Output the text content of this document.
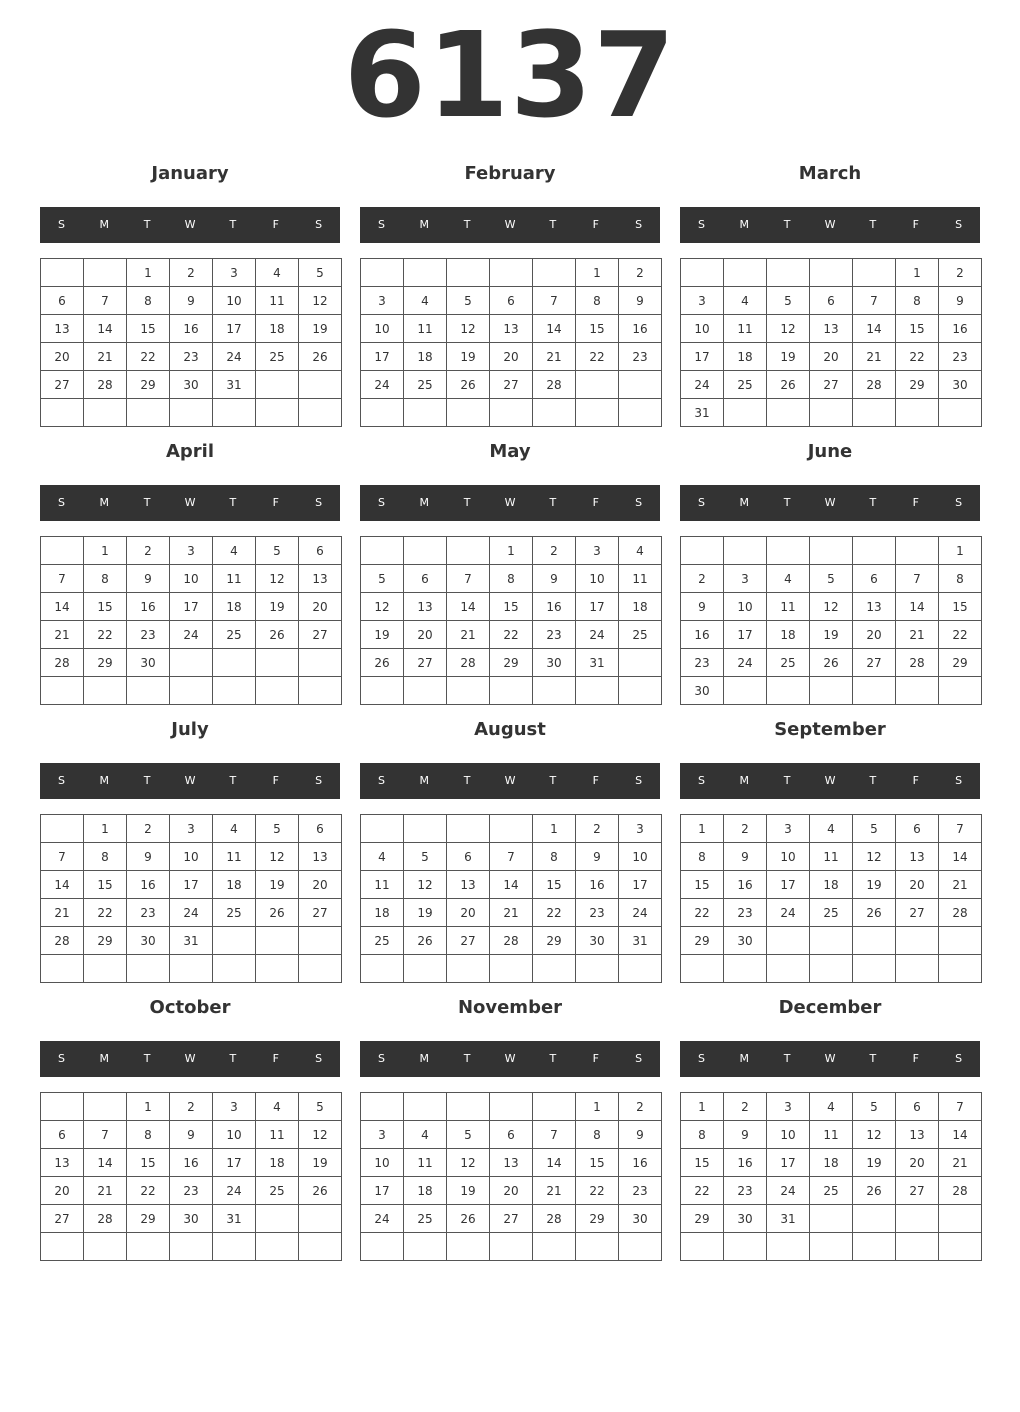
6137
January
S	M	T	W	T	F	S
		1	2	3	4	5
6	7	8	9	10	11	12
13	14	15	16	17	18	19
20	21	22	23	24	25	26
27	28	29	30	31		

February
S	M	T	W	T	F	S
					1	2
3	4	5	6	7	8	9
10	11	12	13	14	15	16
17	18	19	20	21	22	23
24	25	26	27	28		

March
S	M	T	W	T	F	S
					1	2
3	4	5	6	7	8	9
10	11	12	13	14	15	16
17	18	19	20	21	22	23
24	25	26	27	28	29	30
31						
April
S	M	T	W	T	F	S
	1	2	3	4	5	6
7	8	9	10	11	12	13
14	15	16	17	18	19	20
21	22	23	24	25	26	27
28	29	30				

May
S	M	T	W	T	F	S
			1	2	3	4
5	6	7	8	9	10	11
12	13	14	15	16	17	18
19	20	21	22	23	24	25
26	27	28	29	30	31	

June
S	M	T	W	T	F	S
						1
2	3	4	5	6	7	8
9	10	11	12	13	14	15
16	17	18	19	20	21	22
23	24	25	26	27	28	29
30						
July
S	M	T	W	T	F	S
	1	2	3	4	5	6
7	8	9	10	11	12	13
14	15	16	17	18	19	20
21	22	23	24	25	26	27
28	29	30	31			

August
S	M	T	W	T	F	S
				1	2	3
4	5	6	7	8	9	10
11	12	13	14	15	16	17
18	19	20	21	22	23	24
25	26	27	28	29	30	31

September
S	M	T	W	T	F	S
1	2	3	4	5	6	7
8	9	10	11	12	13	14
15	16	17	18	19	20	21
22	23	24	25	26	27	28
29	30					

October
S	M	T	W	T	F	S
		1	2	3	4	5
6	7	8	9	10	11	12
13	14	15	16	17	18	19
20	21	22	23	24	25	26
27	28	29	30	31		

November
S	M	T	W	T	F	S
					1	2
3	4	5	6	7	8	9
10	11	12	13	14	15	16
17	18	19	20	21	22	23
24	25	26	27	28	29	30

December
S	M	T	W	T	F	S
1	2	3	4	5	6	7
8	9	10	11	12	13	14
15	16	17	18	19	20	21
22	23	24	25	26	27	28
29	30	31				
